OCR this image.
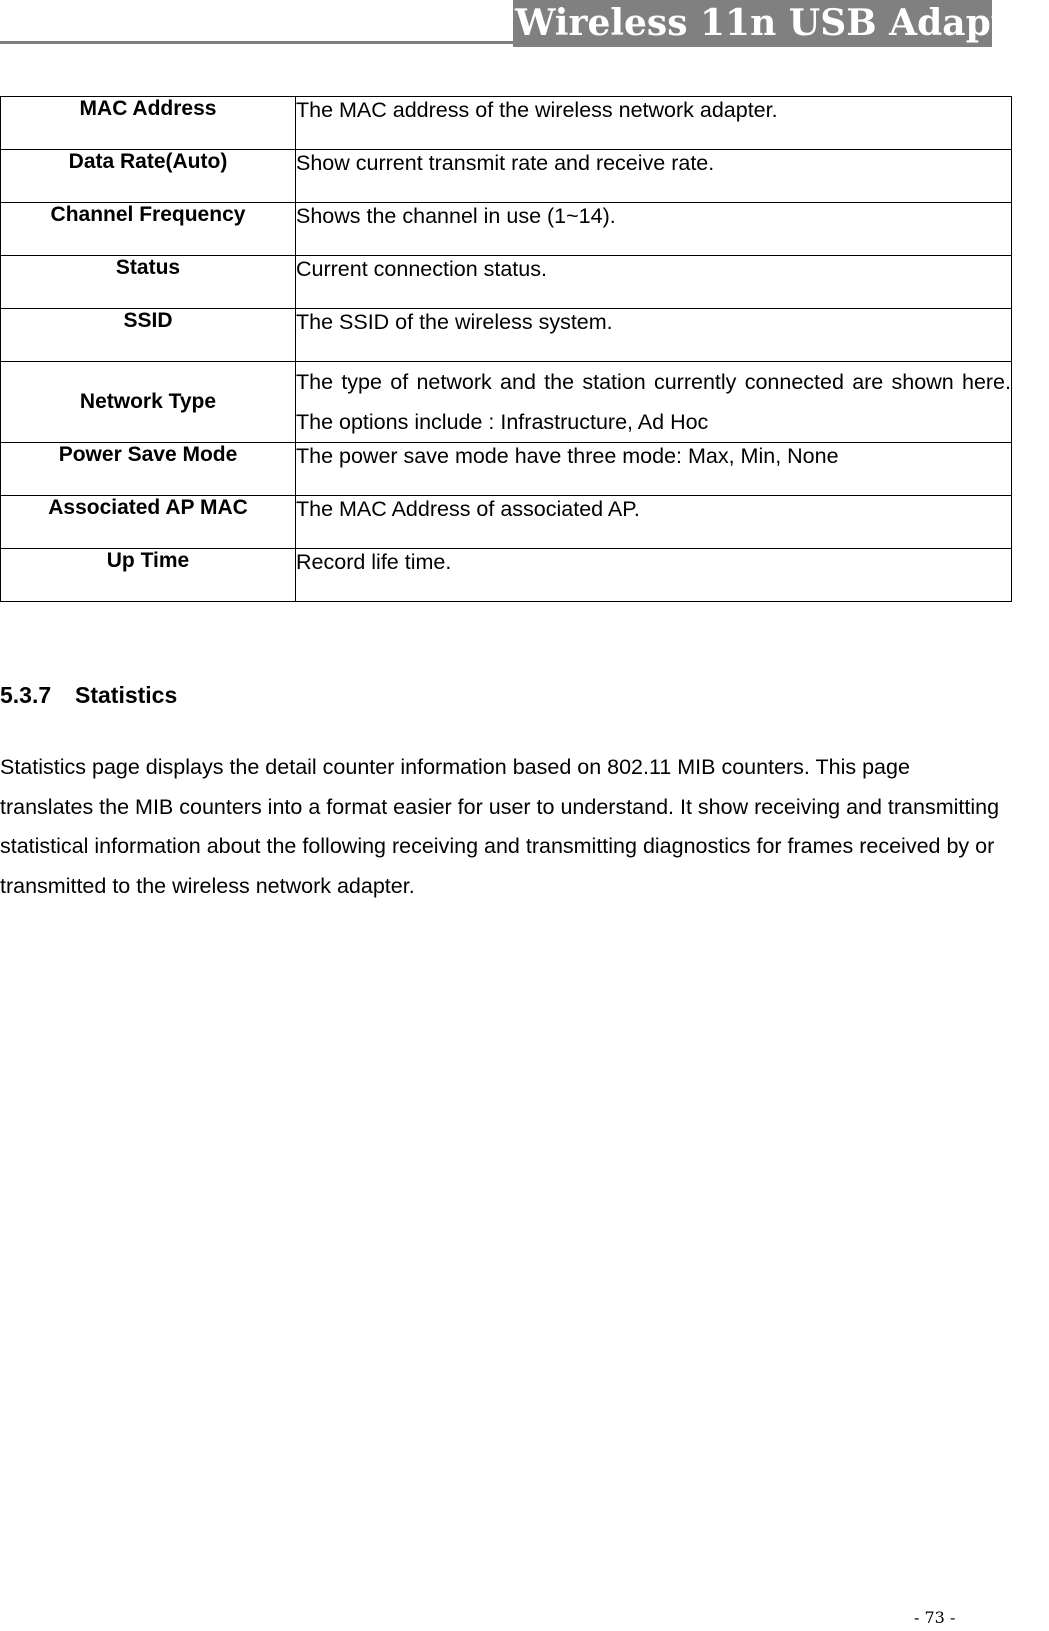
Wireless 11n USB Adapter
MAC Address	The MAC address of the wireless network adapter.
Data Rate(Auto)	Show current transmit rate and receive rate.
Channel Frequency	Shows the channel in use (1~14).
Status	Current connection status.
SSID	The SSID of the wireless system.
Network Type	The type of network and the station currently connected are shown here. The options include : Infrastructure, Ad Hoc
Power Save Mode	The power save mode have three mode: Max, Min, None
Associated AP MAC	The MAC Address of associated AP.
Up Time	Record life time.
5.3.7 Statistics
Statistics page displays the detail counter information based on 802.11 MIB counters. This page translates the MIB counters into a format easier for user to understand. It show receiving and transmitting statistical information about the following receiving and transmitting diagnostics for frames received by or transmitted to the wireless network adapter.
- 73 -
